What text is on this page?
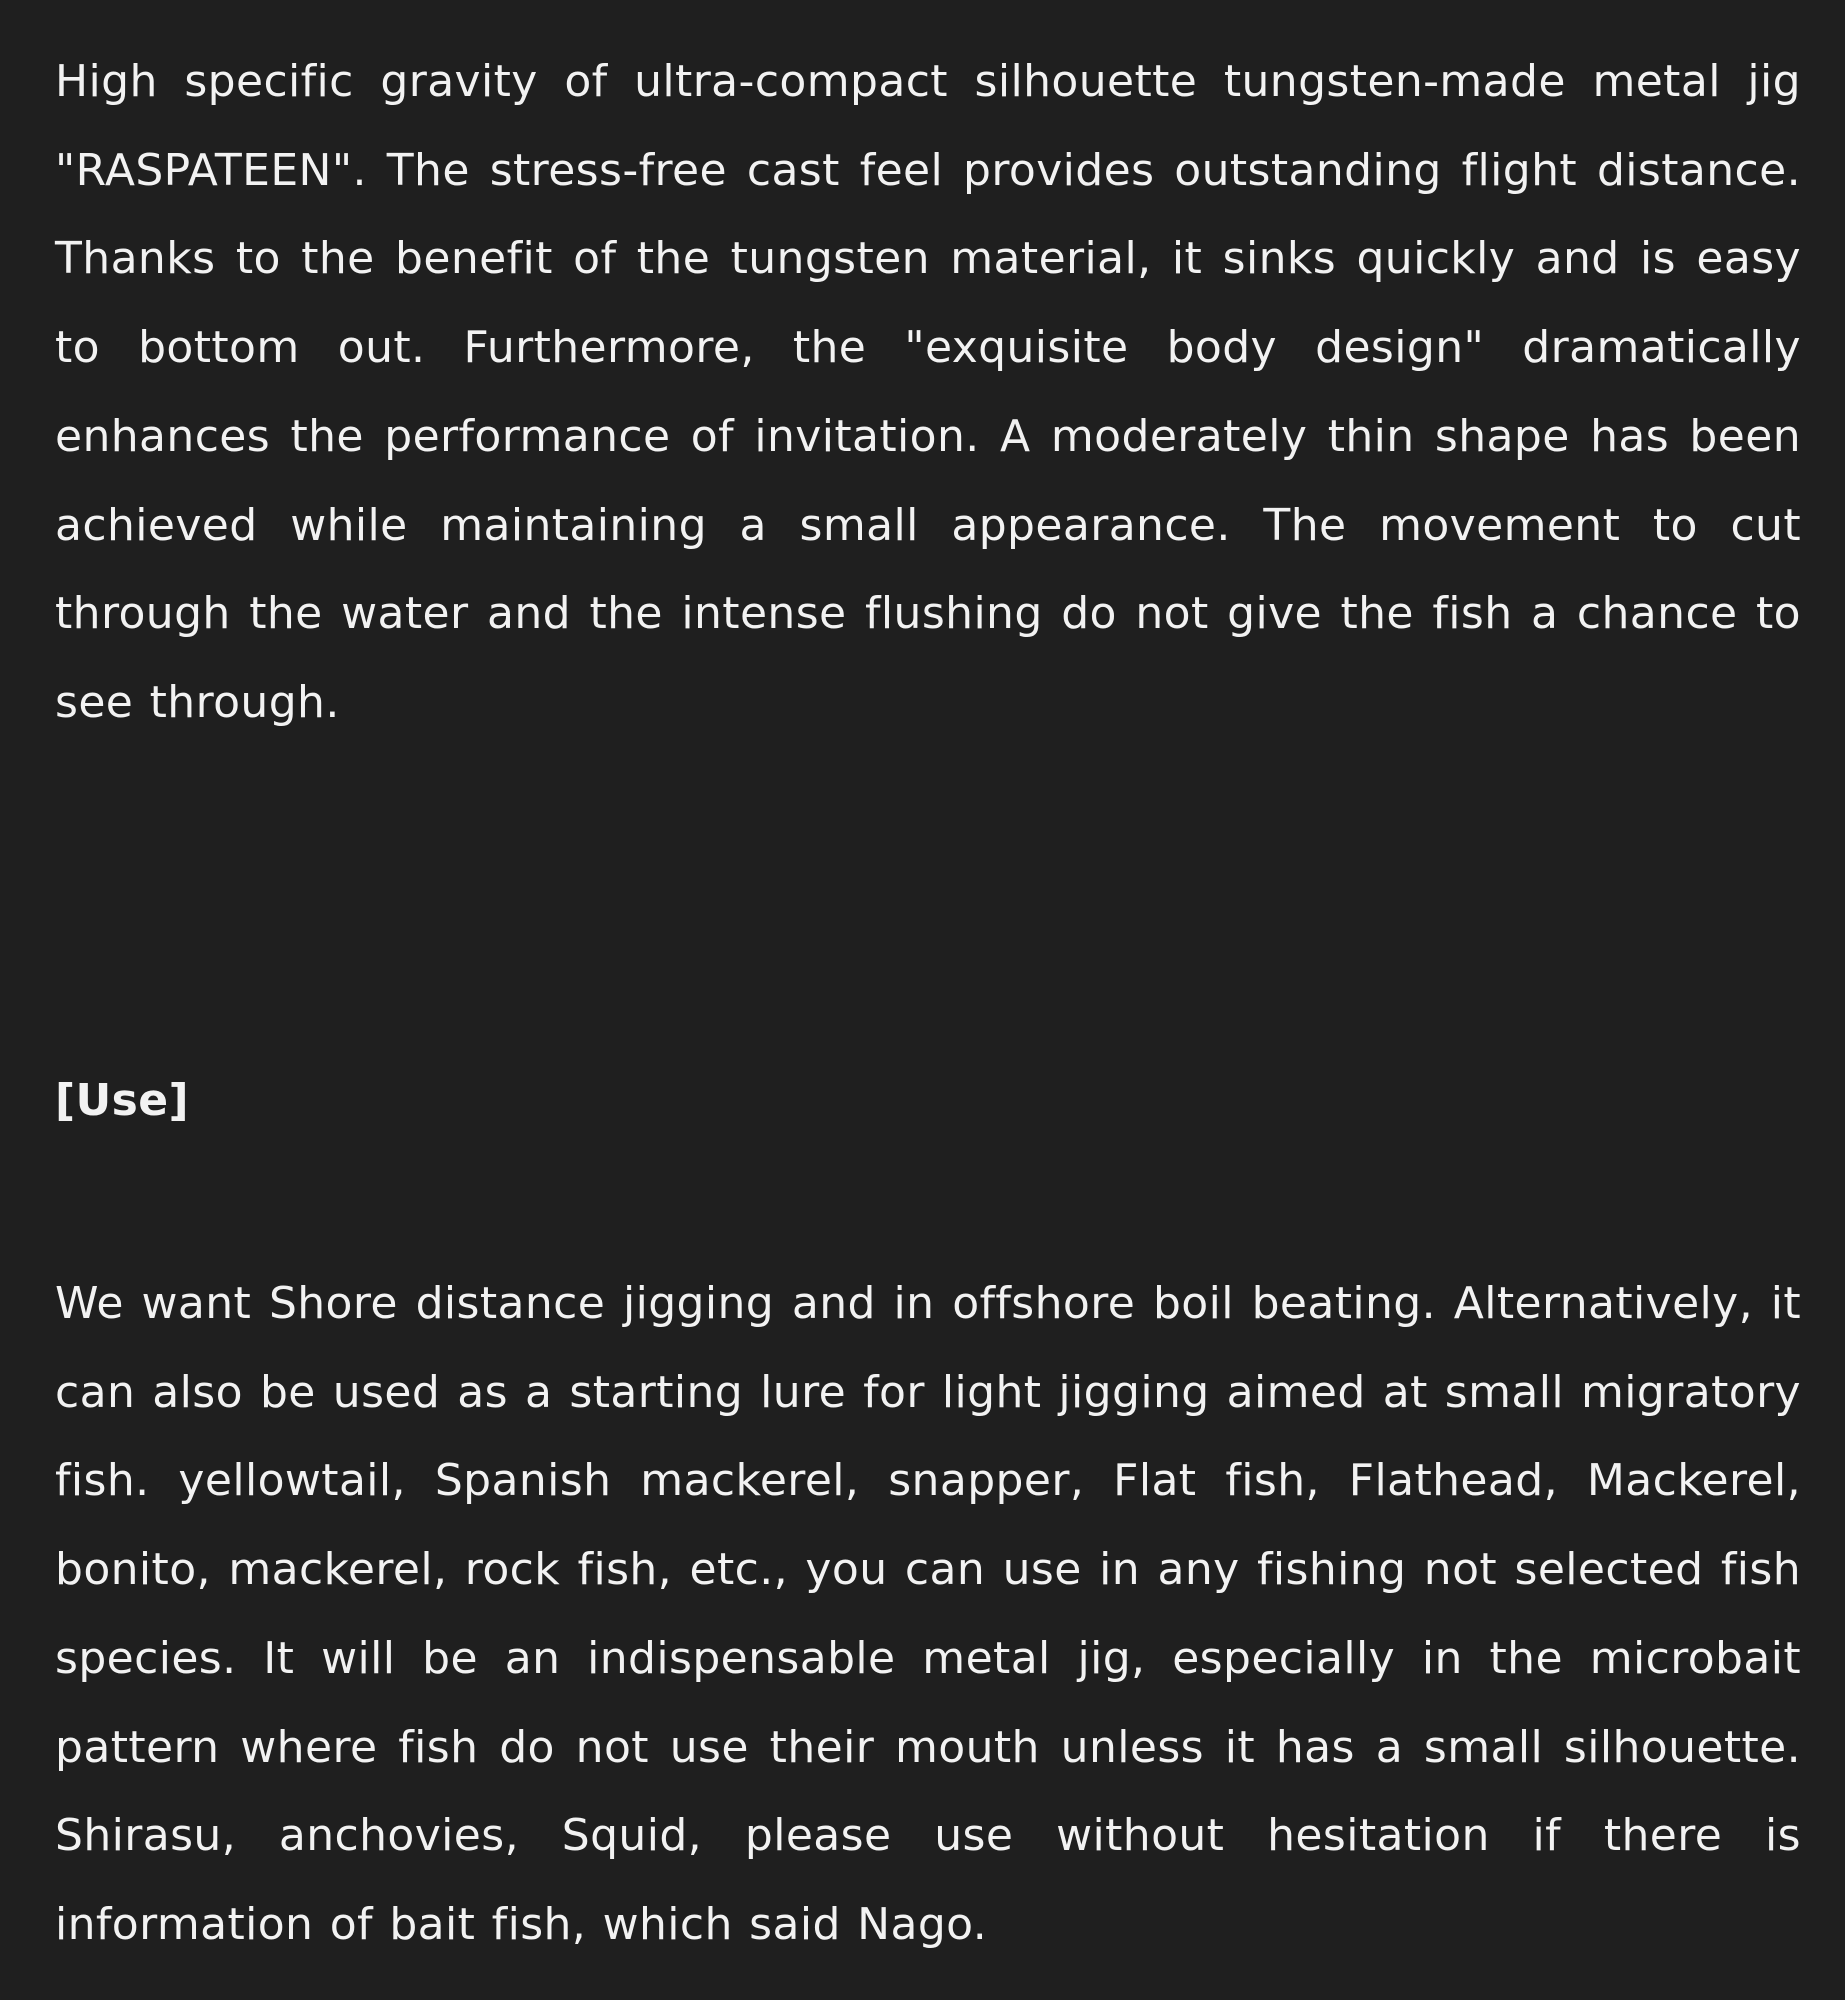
High specific gravity of ultra-compact silhouette tungsten-made metal jig "RASPATEEN". The stress-free cast feel provides outstanding flight distance. Thanks to the benefit of the tungsten material, it sinks quickly and is easy to bottom out. Furthermore, the "exquisite body design" dramatically enhances the performance of invitation. A moderately thin shape has been achieved while maintaining a small appearance. The movement to cut through the water and the intense flushing do not give the fish a chance to see through.

[Use]

We want Shore distance jigging and in offshore boil beating. Alternatively, it can also be used as a starting lure for light jigging aimed at small migratory fish. yellowtail, Spanish mackerel, snapper, Flat fish, Flathead, Mackerel, bonito, mackerel, rock fish, etc., you can use in any fishing not selected fish species. It will be an indispensable metal jig, especially in the microbait pattern where fish do not use their mouth unless it has a small silhouette. Shirasu, anchovies, Squid, please use without hesitation if there is information of bait fish, which said Nago.
